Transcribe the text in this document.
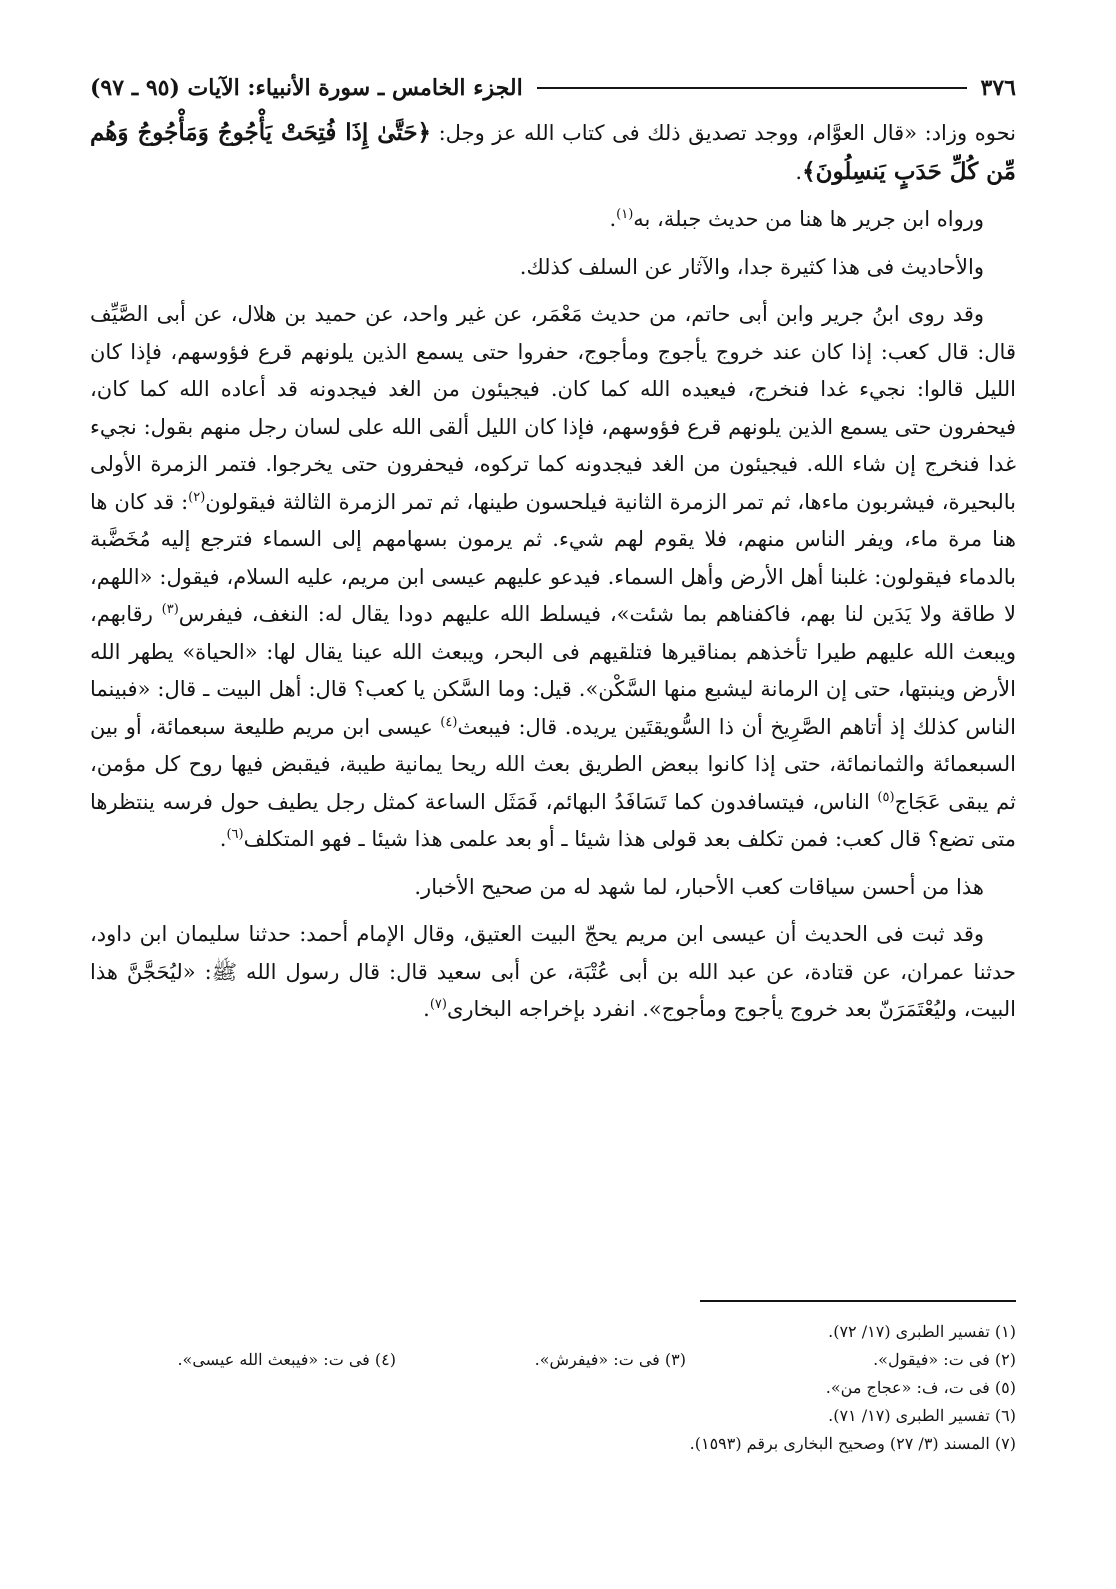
٣٧٦
الجزء الخامس ـ سورة الأنبياء: الآيات (٩٥ ـ ٩٧)

نحوه وزاد: «قال العوَّام، ووجد تصديق ذلك فى كتاب الله عز وجل: ﴿حَتَّىٰ إِذَا فُتِحَتْ يَأْجُوجُ وَمَأْجُوجُ وَهُم مِّن كُلِّ حَدَبٍ يَنسِلُونَ﴾.

ورواه ابن جرير ها هنا من حديث جبلة، به$^{(١)}$.

والأحاديث فى هذا كثيرة جدا، والآثار عن السلف كذلك.

وقد روى ابنُ جرير وابن أبى حاتم، من حديث مَعْمَر، عن غير واحد، عن حميد بن هلال، عن أبى الصَّيِّف قال: قال كعب: إذا كان عند خروج يأجوج ومأجوج، حفروا حتى يسمع الذين يلونهم قرع فؤوسهم، فإذا كان الليل قالوا: نجيء غدا فنخرج، فيعيده الله كما كان. فيجيئون من الغد فيجدونه قد أعاده الله كما كان، فيحفرون حتى يسمع الذين يلونهم قرع فؤوسهم، فإذا كان الليل ألقى الله على لسان رجل منهم بقول: نجيء غدا فنخرج إن شاء الله. فيجيئون من الغد فيجدونه كما تركوه، فيحفرون حتى يخرجوا. فتمر الزمرة الأولى بالبحيرة، فيشربون ماءها، ثم تمر الزمرة الثانية فيلحسون طينها، ثم تمر الزمرة الثالثة فيقولون$^{(٢)}$: قد كان ها هنا مرة ماء، ويفر الناس منهم، فلا يقوم لهم شيء. ثم يرمون بسهامهم إلى السماء فترجع إليه مُخَضَّبة بالدماء فيقولون: غلبنا أهل الأرض وأهل السماء. فيدعو عليهم عيسى ابن مريم، عليه السلام، فيقول: «اللهم، لا طاقة ولا يَدَين لنا بهم، فاكفناهم بما شئت»، فيسلط الله عليهم دودا يقال له: النغف، فيفرس$^{(٣)}$ رقابهم، ويبعث الله عليهم طيرا تأخذهم بمناقيرها فتلقيهم فى البحر، ويبعث الله عينا يقال لها: «الحياة» يطهر الله الأرض وينبتها، حتى إن الرمانة ليشبع منها السَّكْن». قيل: وما السَّكن يا كعب؟ قال: أهل البيت ـ قال: «فبينما الناس كذلك إذ أتاهم الصَّرِيخ أن ذا السُّويقتَين يريده. قال: فيبعث$^{(٤)}$ عيسى ابن مريم طليعة سبعمائة، أو بين السبعمائة والثمانمائة، حتى إذا كانوا ببعض الطريق بعث الله ريحا يمانية طيبة، فيقبض فيها روح كل مؤمن، ثم يبقى عَجَاج$^{(٥)}$ الناس، فيتسافدون كما تَسَافَدُ البهائم، فَمَثَل الساعة كمثل رجل يطيف حول فرسه ينتظرها متى تضع؟ قال كعب: فمن تكلف بعد قولى هذا شيئا ـ أو بعد علمى هذا شيئا ـ فهو المتكلف$^{(٦)}$.

هذا من أحسن سياقات كعب الأحبار، لما شهد له من صحيح الأخبار.

وقد ثبت فى الحديث أن عيسى ابن مريم يحجّ البيت العتيق، وقال الإمام أحمد: حدثنا سليمان ابن داود، حدثنا عمران، عن قتادة، عن عبد الله بن أبى عُتْبَة، عن أبى سعيد قال: قال رسول الله ﷺ: «ليُحَجَّنَّ هذا البيت، وليُعْتَمَرَنّ بعد خروج يأجوج ومأجوج». انفرد بإخراجه البخارى$^{(٧)}$.

(١) تفسير الطبرى (١٧/ ٧٢).
(٢) فى ت: «فيقول».
(٣) فى ت: «فيفرش».
(٤) فى ت: «فيبعث الله عيسى».
(٥) فى ت، ف: «عجاج من».
(٦) تفسير الطبرى (١٧/ ٧١).
(٧) المسند (٣/ ٢٧) وصحيح البخارى برقم (١٥٩٣).
